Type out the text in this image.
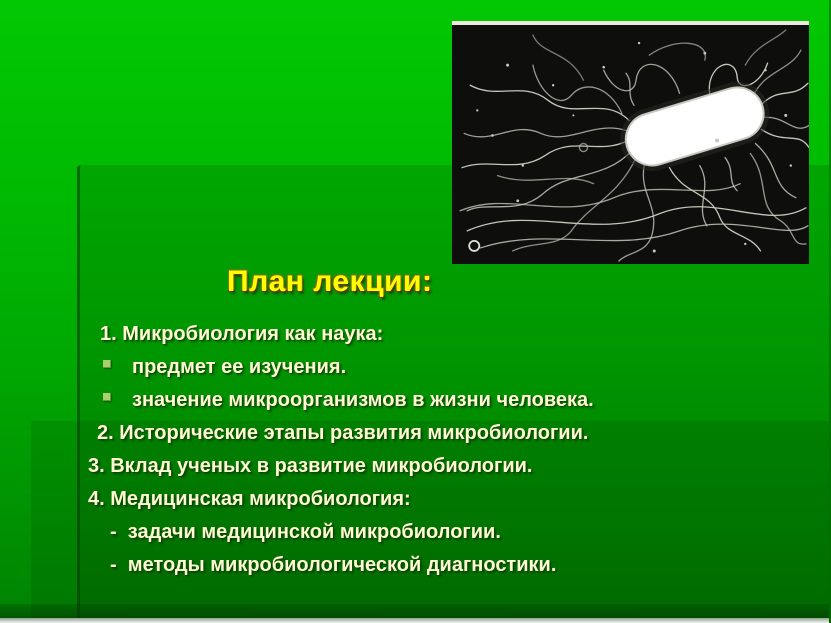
План лекции:
1. Микробиология как наука:
предмет ее изучения.
значение микроорганизмов в жизни человека.
2. Исторические этапы развития микробиологии.
3. Вклад ученых в развитие микробиологии.
4. Медицинская микробиология:
-  задачи медицинской микробиологии.
-  методы микробиологической диагностики.
